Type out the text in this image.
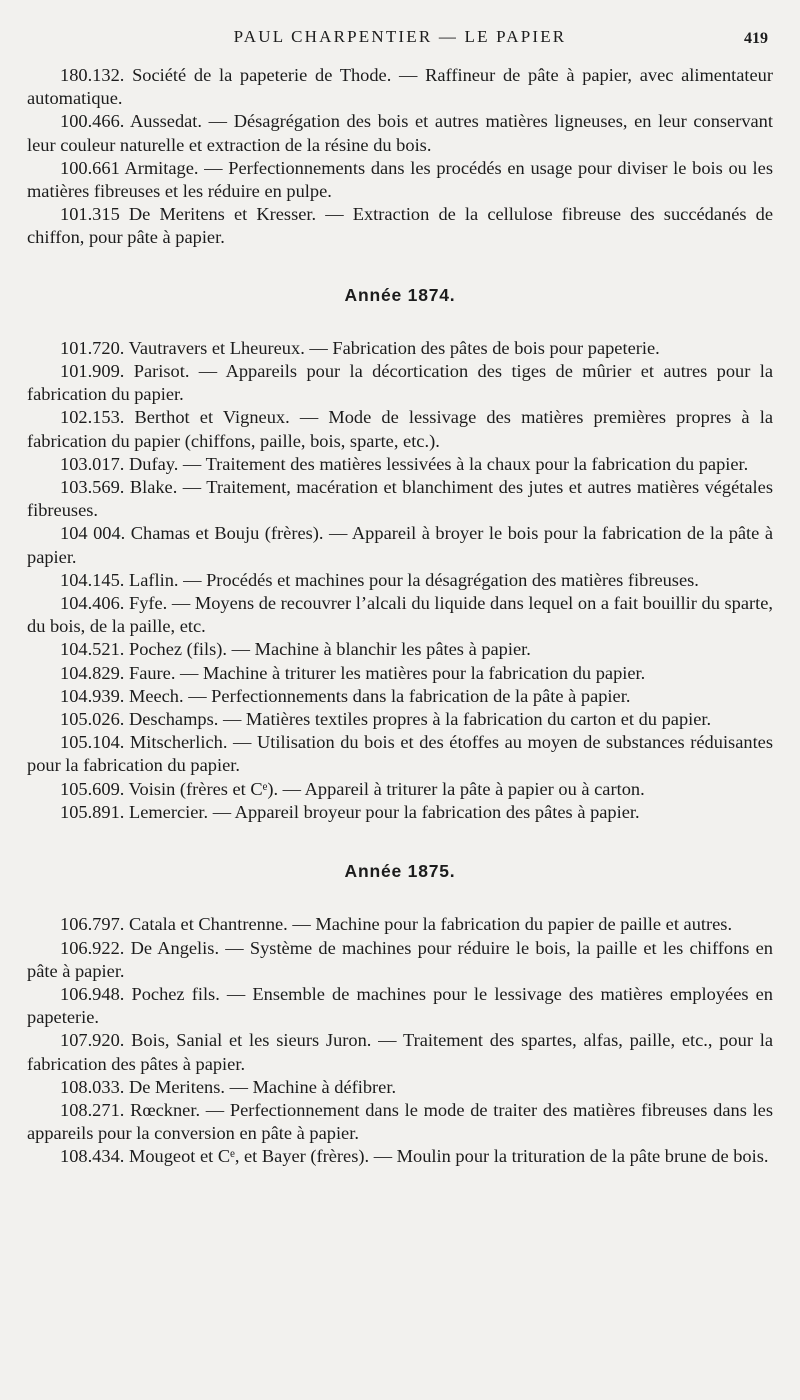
PAUL CHARPENTIER — LE PAPIER	419

180.132. Société de la papeterie de Thode. — Raffineur de pâte à papier, avec alimentateur automatique.

100.466. Aussedat. — Désagrégation des bois et autres matières ligneuses, en leur conservant leur couleur naturelle et extraction de la résine du bois.

100.661 Armitage. — Perfectionnements dans les procédés en usage pour diviser le bois ou les matières fibreuses et les réduire en pulpe.

101.315 De Meritens et Kresser. — Extraction de la cellulose fibreuse des succédanés de chiffon, pour pâte à papier.

Année 1874.

101.720. Vautravers et Lheureux. — Fabrication des pâtes de bois pour papeterie.

101.909. Parisot. — Appareils pour la décortication des tiges de mûrier et autres pour la fabrication du papier.

102.153. Berthot et Vigneux. — Mode de lessivage des matières premières propres à la fabrication du papier (chiffons, paille, bois, sparte, etc.).

103.017. Dufay. — Traitement des matières lessivées à la chaux pour la fabrication du papier.

103.569. Blake. — Traitement, macération et blanchiment des jutes et autres matières végétales fibreuses.

104 004. Chamas et Bouju (frères). — Appareil à broyer le bois pour la fabrication de la pâte à papier.

104.145. Laflin. — Procédés et machines pour la désagrégation des matières fibreuses.

104.406. Fyfe. — Moyens de recouvrer l’alcali du liquide dans lequel on a fait bouillir du sparte, du bois, de la paille, etc.

104.521. Pochez (fils). — Machine à blanchir les pâtes à papier.

104.829. Faure. — Machine à triturer les matières pour la fabrication du papier.

104.939. Meech. — Perfectionnements dans la fabrication de la pâte à papier.

105.026. Deschamps. — Matières textiles propres à la fabrication du carton et du papier.

105.104. Mitscherlich. — Utilisation du bois et des étoffes au moyen de substances réduisantes pour la fabrication du papier.

105.609. Voisin (frères et Cᵉ). — Appareil à triturer la pâte à papier ou à carton.

105.891. Lemercier. — Appareil broyeur pour la fabrication des pâtes à papier.

Année 1875.

106.797. Catala et Chantrenne. — Machine pour la fabrication du papier de paille et autres.

106.922. De Angelis. — Système de machines pour réduire le bois, la paille et les chiffons en pâte à papier.

106.948. Pochez fils. — Ensemble de machines pour le lessivage des matières employées en papeterie.

107.920. Bois, Sanial et les sieurs Juron. — Traitement des spartes, alfas, paille, etc., pour la fabrication des pâtes à papier.

108.033. De Meritens. — Machine à défibrer.

108.271. Rœckner. — Perfectionnement dans le mode de traiter des matières fibreuses dans les appareils pour la conversion en pâte à papier.

108.434. Mougeot et Cᵉ, et Bayer (frères). — Moulin pour la trituration de la pâte brune de bois.
